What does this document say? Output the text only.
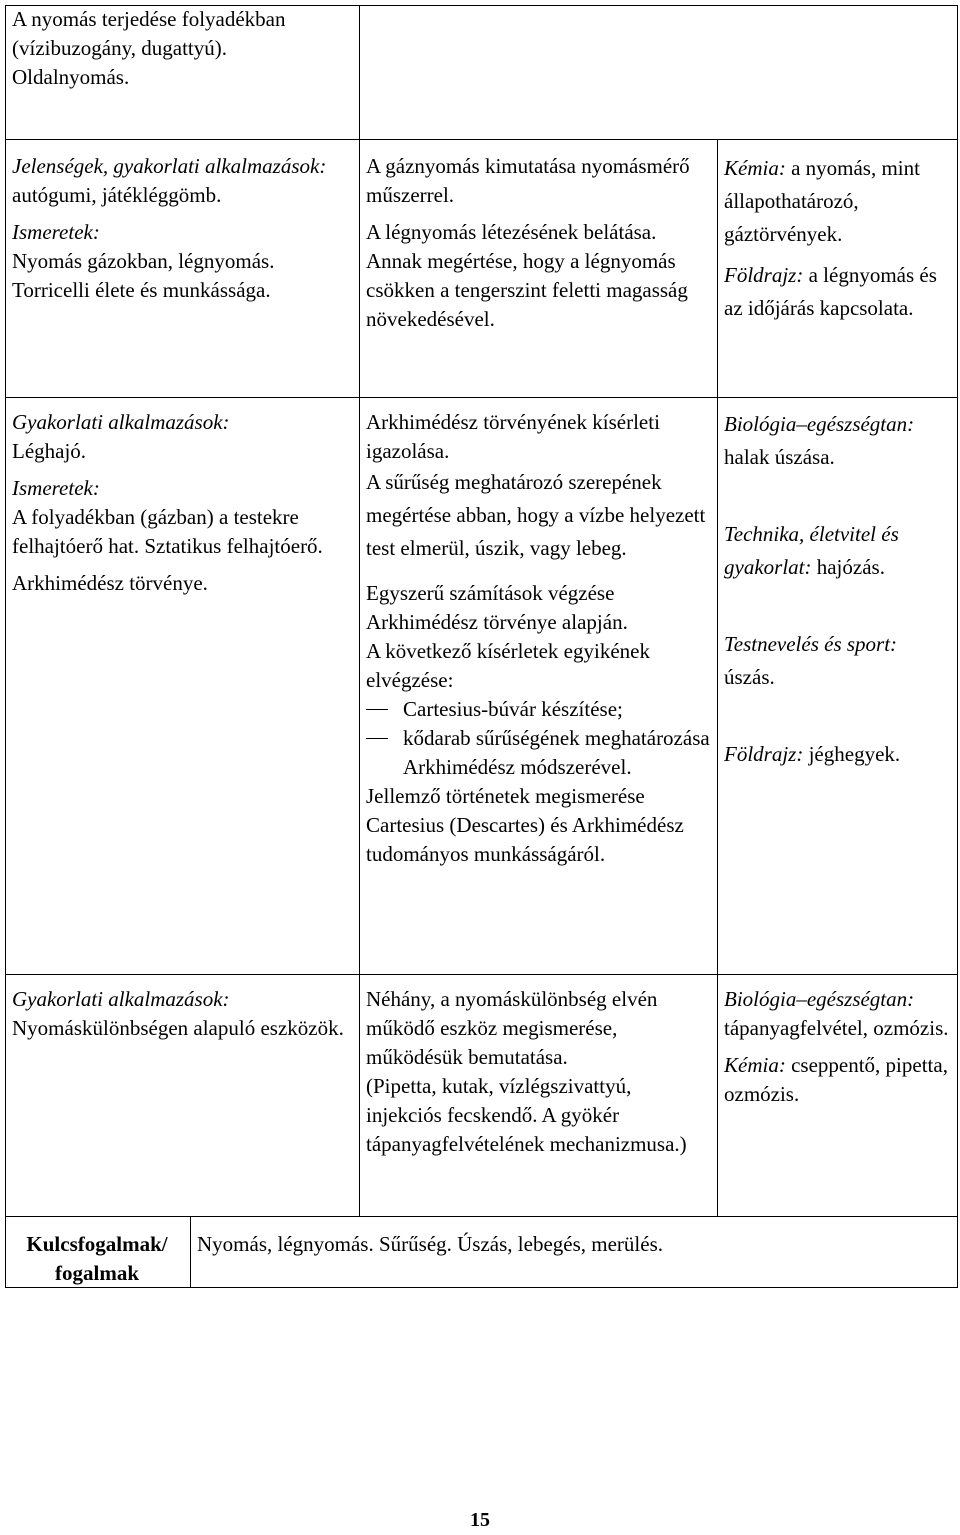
A nyomás terjedése folyadékban

(vízibuzogány, dugattyú).

Oldalnyomás.

Jelenségek, gyakorlati alkalmazások:

autógumi, játékléggömb.

Ismeretek:

Nyomás gázokban, légnyomás. Torricelli élete és munkássága.

A gáznyomás kimutatása nyomásmérő műszerrel.

A légnyomás létezésének belátása. Annak megértése, hogy a légnyomás csökken a tengerszint feletti magasság növekedésével.

Kémia: a nyomás, mint állapothatározó, gáztörvények.

Földrajz: a légnyomás és az időjárás kapcsolata.

Gyakorlati alkalmazások:

Léghajó.

Ismeretek:

A folyadékban (gázban) a testekre felhajtóerő hat. Sztatikus felhajtóerő.

Arkhimédész törvénye.

Arkhimédész törvényének kísérleti igazolása.

A sűrűség meghatározó szerepének megértése abban, hogy a vízbe helyezett test elmerül, úszik, vagy lebeg.

Egyszerű számítások végzése Arkhimédész törvénye alapján.

A következő kísérletek egyikének elvégzése:

Cartesius-búvár készítése;
kődarab sűrűségének meghatározása Arkhimédész módszerével.

Jellemző történetek megismerése Cartesius (Descartes) és Arkhimédész tudományos munkásságáról.

Biológia–egészségtan: halak úszása.

Technika, életvitel és gyakorlat: hajózás.

Testnevelés és sport:

úszás.

Földrajz: jéghegyek.

Gyakorlati alkalmazások:

Nyomáskülönbségen alapuló eszközök.

Néhány, a nyomáskülönbség elvén működő eszköz megismerése, működésük bemutatása.

(Pipetta, kutak, vízlégszivattyú, injekciós fecskendő. A gyökér tápanyagfelvételének mechanizmusa.)

Biológia–egészségtan:

tápanyagfelvétel, ozmózis.

Kémia: cseppentő, pipetta, ozmózis.

Kulcsfogalmak/ fogalmak
Nyomás, légnyomás. Sűrűség. Úszás, lebegés, merülés.
15
